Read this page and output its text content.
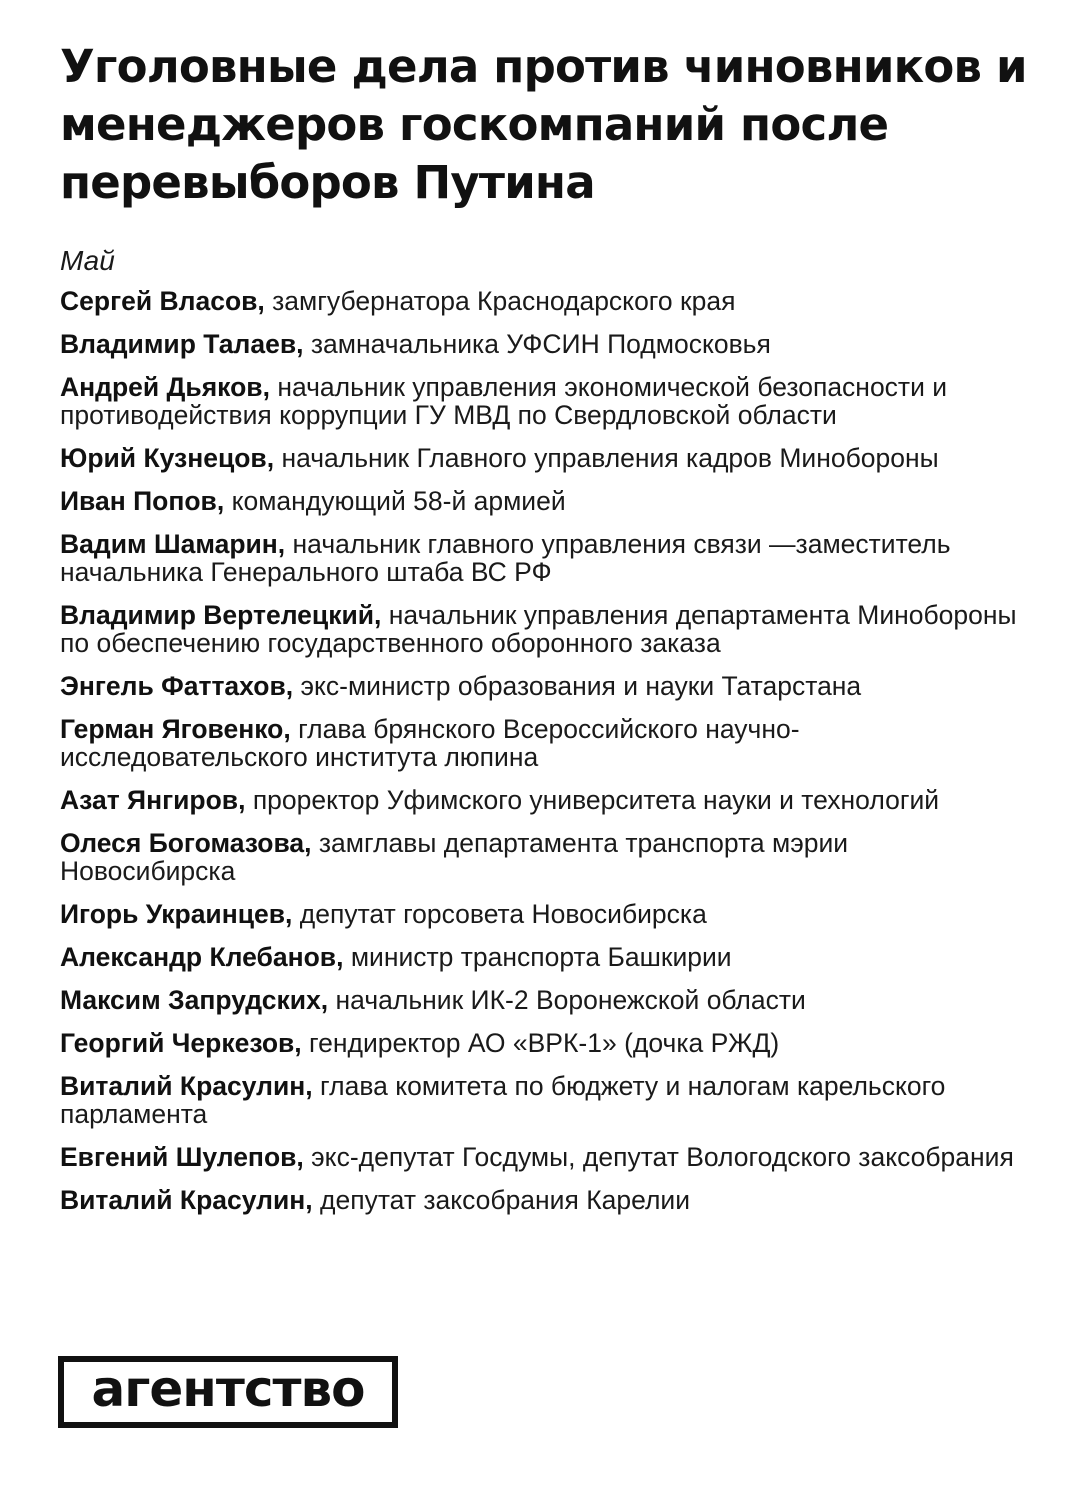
Уголовные дела против чиновников и менеджеров госкомпаний после перевыборов Путина
Май
Сергей Власов, замгубернатора Краснодарского края
Владимир Талаев, замначальника УФСИН Подмосковья
Андрей Дьяков, начальник управления экономической безопасности и противодействия коррупции ГУ МВД по Свердловской области
Юрий Кузнецов, начальник Главного управления кадров Минобороны
Иван Попов, командующий 58-й армией
Вадим Шамарин, начальник главного управления связи —заместитель начальника Генерального штаба ВС РФ
Владимир Вертелецкий, начальник управления департамента Минобороны по обеспечению государственного оборонного заказа
Энгель Фаттахов, экс-министр образования и науки Татарстана
Герман Яговенко, глава брянского Всероссийского научно-исследовательского института люпина
Азат Янгиров, проректор Уфимского университета науки и технологий
Олеся Богомазова, замглавы департамента транспорта мэрии Новосибирска
Игорь Украинцев, депутат горсовета Новосибирска
Александр Клебанов, министр транспорта Башкирии
Максим Запрудских, начальник ИК-2 Воронежской области
Георгий Черкезов, гендиректор АО «ВРК-1» (дочка РЖД)
Виталий Красулин, глава комитета по бюджету и налогам карельского парламента
Евгений Шулепов, экс-депутат Госдумы, депутат Вологодского заксобрания
Виталий Красулин, депутат заксобрания Карелии
агентство
